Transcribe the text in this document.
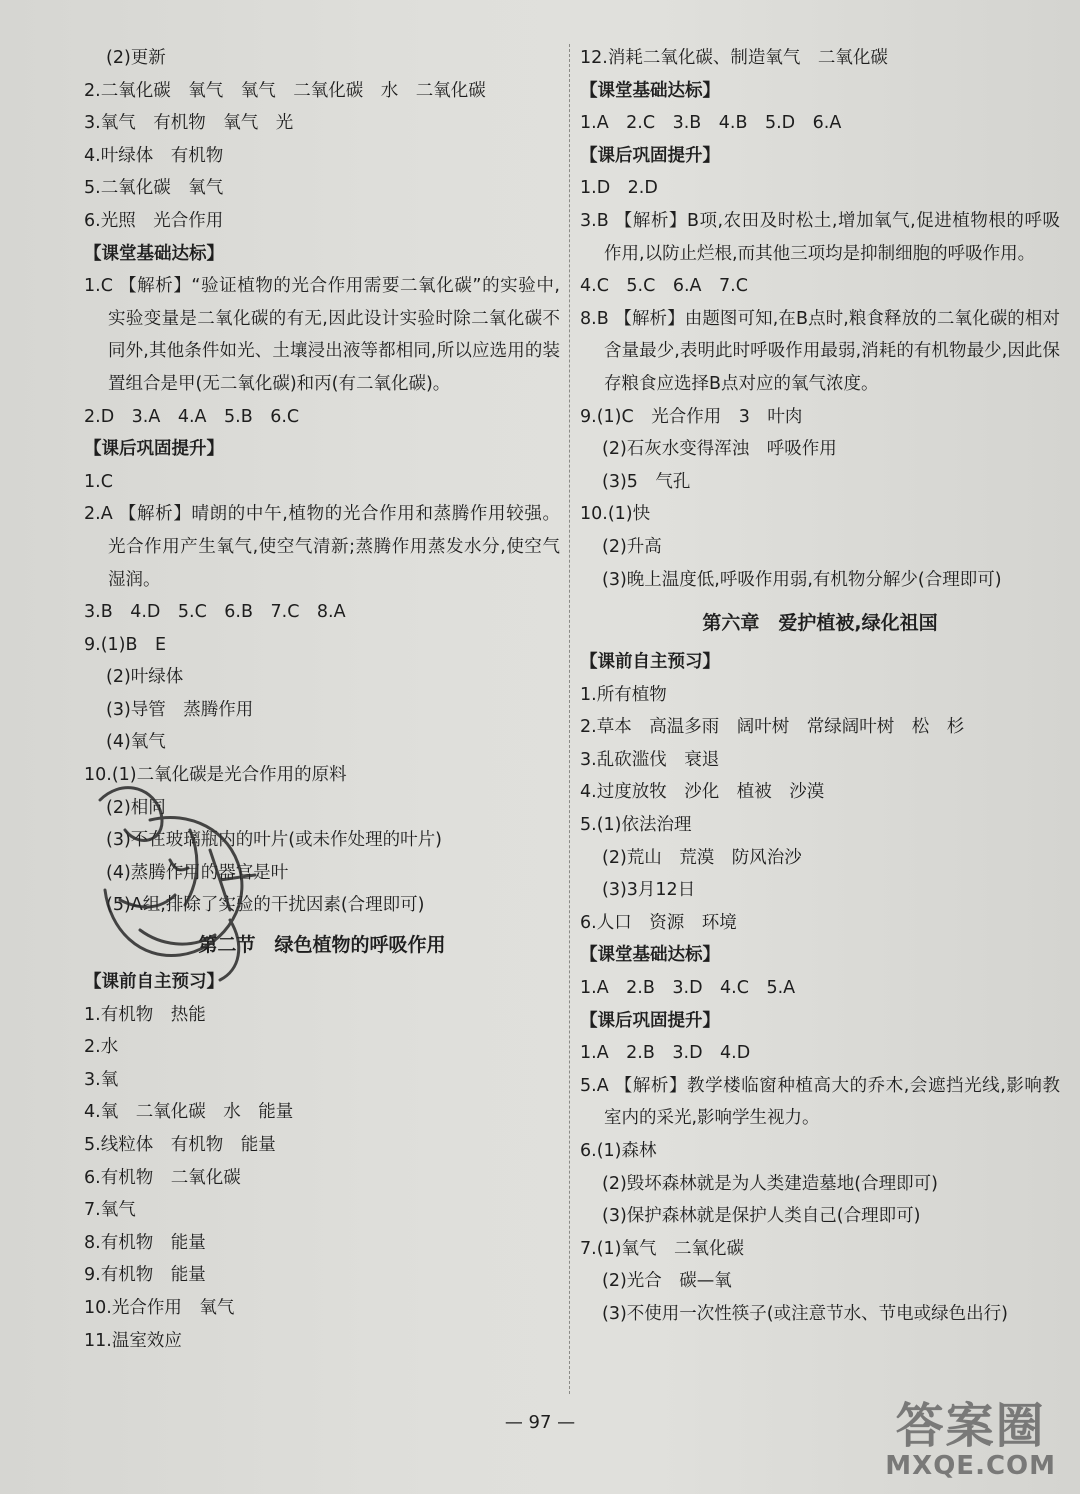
(2)更新
2.二氧化碳　氧气　氧气　二氧化碳　水　二氧化碳
3.氧气　有机物　氧气　光
4.叶绿体　有机物
5.二氧化碳　氧气
6.光照　光合作用
【课堂基础达标】
1.C 【解析】“验证植物的光合作用需要二氧化碳”的实验中,实验变量是二氧化碳的有无,因此设计实验时除二氧化碳不同外,其他条件如光、土壤浸出液等都相同,所以应选用的装置组合是甲(无二氧化碳)和丙(有二氧化碳)。
2.D　3.A　4.A　5.B　6.C
【课后巩固提升】
1.C
2.A 【解析】晴朗的中午,植物的光合作用和蒸腾作用较强。光合作用产生氧气,使空气清新;蒸腾作用蒸发水分,使空气湿润。
3.B　4.D　5.C　6.B　7.C　8.A
9.(1)B　E
(2)叶绿体
(3)导管　蒸腾作用
(4)氧气
10.(1)二氧化碳是光合作用的原料
(2)相同
(3)不在玻璃瓶内的叶片(或未作处理的叶片)
(4)蒸腾作用的器官是叶
(5)A组,排除了实验的干扰因素(合理即可)
第二节　绿色植物的呼吸作用
【课前自主预习】
1.有机物　热能
2.水
3.氧
4.氧　二氧化碳　水　能量
5.线粒体　有机物　能量
6.有机物　二氧化碳
7.氧气
8.有机物　能量
9.有机物　能量
10.光合作用　氧气
11.温室效应
12.消耗二氧化碳、制造氧气　二氧化碳
【课堂基础达标】
1.A　2.C　3.B　4.B　5.D　6.A
【课后巩固提升】
1.D　2.D
3.B 【解析】B项,农田及时松土,增加氧气,促进植物根的呼吸作用,以防止烂根,而其他三项均是抑制细胞的呼吸作用。
4.C　5.C　6.A　7.C
8.B 【解析】由题图可知,在B点时,粮食释放的二氧化碳的相对含量最少,表明此时呼吸作用最弱,消耗的有机物最少,因此保存粮食应选择B点对应的氧气浓度。
9.(1)C　光合作用　3　叶肉
(2)石灰水变得浑浊　呼吸作用
(3)5　气孔
10.(1)快
(2)升高
(3)晚上温度低,呼吸作用弱,有机物分解少(合理即可)
第六章　爱护植被,绿化祖国
【课前自主预习】
1.所有植物
2.草本　高温多雨　阔叶树　常绿阔叶树　松　杉
3.乱砍滥伐　衰退
4.过度放牧　沙化　植被　沙漠
5.(1)依法治理
(2)荒山　荒漠　防风治沙
(3)3月12日
6.人口　资源　环境
【课堂基础达标】
1.A　2.B　3.D　4.C　5.A
【课后巩固提升】
1.A　2.B　3.D　4.D
5.A 【解析】教学楼临窗种植高大的乔木,会遮挡光线,影响教室内的采光,影响学生视力。
6.(1)森林
(2)毁坏森林就是为人类建造墓地(合理即可)
(3)保护森林就是保护人类自己(合理即可)
7.(1)氧气　二氧化碳
(2)光合　碳—氧
(3)不使用一次性筷子(或注意节水、节电或绿色出行)
— 97 —	答案圈
MXQE.COM
